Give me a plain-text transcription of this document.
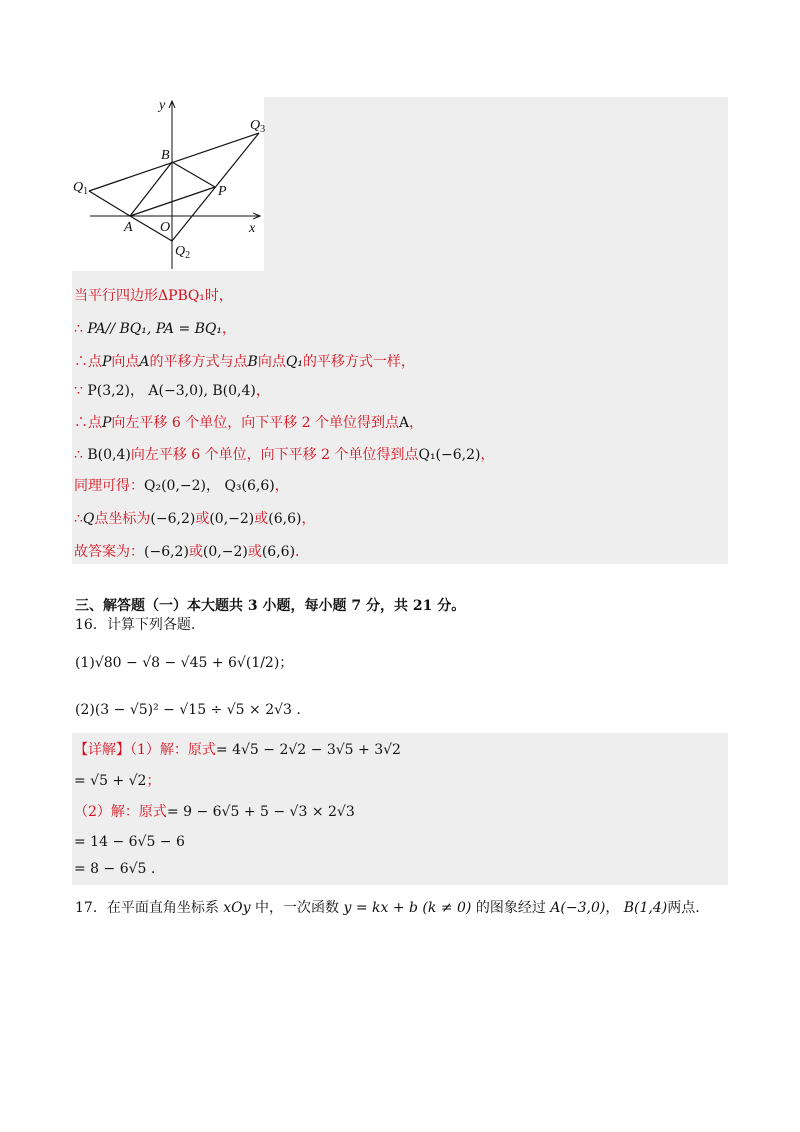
y
x
O
A
B
P
$Q_1$
$Q_2$
$Q_3$
当平行四边形ΔPBQ₁时，
∴ PA// BQ₁, PA = BQ₁，
∴点P向点A的平移方式与点B向点Q₁的平移方式一样，
∵ P(3,2)， A(−3,0), B(0,4)，
∴点P向左平移 6 个单位，向下平移 2 个单位得到点A，
∴ B(0,4)向左平移 6 个单位，向下平移 2 个单位得到点Q₁(−6,2)，
同理可得：Q₂(0,−2)， Q₃(6,6)，
∴Q点坐标为(−6,2)或(0,−2)或(6,6)，
故答案为：(−6,2)或(0,−2)或(6,6).
三、解答题（一）本大题共 3 小题，每小题 7 分，共 21 分。
16．计算下列各题.
(1)√80 − √8 − √45 + 6√(1/2)；
(2)(3 − √5)² − √15 ÷ √5 × 2√3 .
【详解】（1）解：原式= 4√5 − 2√2 − 3√5 + 3√2
= √5 + √2；
（2）解：原式= 9 − 6√5 + 5 − √3 × 2√3
= 14 − 6√5 − 6
= 8 − 6√5 .
17．在平面直角坐标系 xOy 中，一次函数 y = kx + b (k ≠ 0) 的图象经过 A(−3,0)， B(1,4)两点.
